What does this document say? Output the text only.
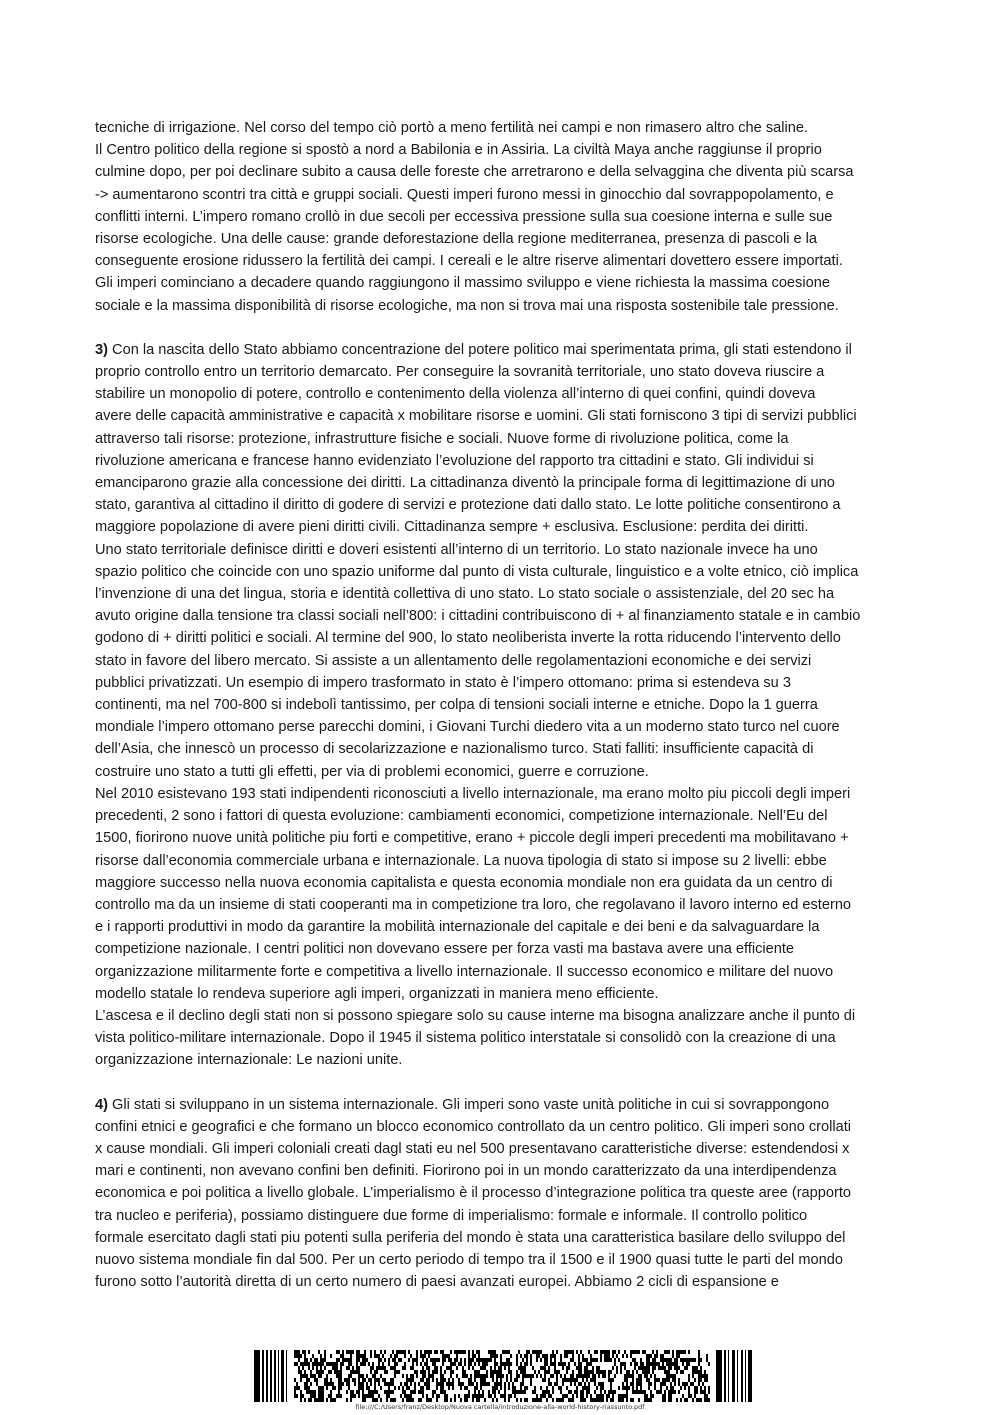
tecniche di irrigazione. Nel corso del tempo ciò portò a meno fertilità nei campi e non rimasero altro che saline.
Il Centro politico della regione si spostò a nord a Babilonia e in Assiria. La civiltà Maya anche raggiunse il proprio
culmine dopo, per poi declinare subito a causa delle foreste che arretrarono e della selvaggina che diventa più scarsa
-> aumentarono scontri tra città e gruppi sociali. Questi imperi furono messi in ginocchio dal sovrappopolamento, e
conflitti interni. L’impero romano crollò in due secoli per eccessiva pressione sulla sua coesione interna e sulle sue
risorse ecologiche. Una delle cause: grande deforestazione della regione mediterranea, presenza di pascoli e la
conseguente erosione ridussero la fertilità dei campi. I cereali e le altre riserve alimentari dovettero essere importati.
Gli imperi cominciano a decadere quando raggiungono il massimo sviluppo e viene richiesta la massima coesione
sociale e la massima disponibilità di risorse ecologiche, ma non si trova mai una risposta sostenibile tale pressione.
3) Con la nascita dello Stato abbiamo concentrazione del potere politico mai sperimentata prima, gli stati estendono il
proprio controllo entro un territorio demarcato. Per conseguire la sovranità territoriale, uno stato doveva riuscire a
stabilire un monopolio di potere, controllo e contenimento della violenza all’interno di quei confini, quindi doveva
avere delle capacità amministrative e capacità x mobilitare risorse e uomini. Gli stati forniscono 3 tipi di servizi pubblici
attraverso tali risorse: protezione, infrastrutture fisiche e sociali. Nuove forme di rivoluzione politica, come la
rivoluzione americana e francese hanno evidenziato l’evoluzione del rapporto tra cittadini e stato. Gli individui si
emanciparono grazie alla concessione dei diritti. La cittadinanza diventò la principale forma di legittimazione di uno
stato, garantiva al cittadino il diritto di godere di servizi e protezione dati dallo stato. Le lotte politiche consentirono a
maggiore popolazione di avere pieni diritti civili. Cittadinanza sempre + esclusiva. Esclusione: perdita dei diritti.
Uno stato territoriale definisce diritti e doveri esistenti all’interno di un territorio. Lo stato nazionale invece ha uno
spazio politico che coincide con uno spazio uniforme dal punto di vista culturale, linguistico e a volte etnico, ciò implica
l’invenzione di una det lingua, storia e identità collettiva di uno stato. Lo stato sociale o assistenziale, del 20 sec ha
avuto origine dalla tensione tra classi sociali nell’800: i cittadini contribuiscono di + al finanziamento statale e in cambio
godono di + diritti politici e sociali. Al termine del 900, lo stato neoliberista inverte la rotta riducendo l’intervento dello
stato in favore del libero mercato. Si assiste a un allentamento delle regolamentazioni economiche e dei servizi
pubblici privatizzati. Un esempio di impero trasformato in stato è l’impero ottomano: prima si estendeva su 3
continenti, ma nel 700-800 si indebolì tantissimo, per colpa di tensioni sociali interne e etniche. Dopo la 1 guerra
mondiale l’impero ottomano perse parecchi domini, i Giovani Turchi diedero vita a un moderno stato turco nel cuore
dell’Asia, che innescò un processo di secolarizzazione e nazionalismo turco. Stati falliti: insufficiente capacità di
costruire uno stato a tutti gli effetti, per via di problemi economici, guerre e corruzione.
Nel 2010 esistevano 193 stati indipendenti riconosciuti a livello internazionale, ma erano molto piu piccoli degli imperi
precedenti, 2 sono i fattori di questa evoluzione: cambiamenti economici, competizione internazionale. Nell’Eu del
1500, fiorirono nuove unità politiche piu forti e competitive, erano + piccole degli imperi precedenti ma mobilitavano +
risorse dall’economia commerciale urbana e internazionale. La nuova tipologia di stato si impose su 2 livelli: ebbe
maggiore successo nella nuova economia capitalista e questa economia mondiale non era guidata da un centro di
controllo ma da un insieme di stati cooperanti ma in competizione tra loro, che regolavano il lavoro interno ed esterno
e i rapporti produttivi in modo da garantire la mobilità internazionale del capitale e dei beni e da salvaguardare la
competizione nazionale. I centri politici non dovevano essere per forza vasti ma bastava avere una efficiente
organizzazione militarmente forte e competitiva a livello internazionale. Il successo economico e militare del nuovo
modello statale lo rendeva superiore agli imperi, organizzati in maniera meno efficiente.
L’ascesa e il declino degli stati non si possono spiegare solo su cause interne ma bisogna analizzare anche il punto di
vista politico-militare internazionale. Dopo il 1945 il sistema politico interstatale si consolidò con la creazione di una
organizzazione internazionale: Le nazioni unite.
4) Gli stati si sviluppano in un sistema internazionale. Gli imperi sono vaste unità politiche in cui si sovrappongono
confini etnici e geografici e che formano un blocco economico controllato da un centro politico. Gli imperi sono crollati
x cause mondiali. Gli imperi coloniali creati dagl stati eu nel 500 presentavano caratteristiche diverse: estendendosi x
mari e continenti, non avevano confini ben definiti. Fiorirono poi in un mondo caratterizzato da una interdipendenza
economica e poi politica a livello globale. L’imperialismo è il processo d’integrazione politica tra queste aree (rapporto
tra nucleo e periferia), possiamo distinguere due forme di imperialismo: formale e informale. Il controllo politico
formale esercitato dagli stati piu potenti sulla periferia del mondo è stata una caratteristica basilare dello sviluppo del
nuovo sistema mondiale fin dal 500. Per un certo periodo di tempo tra il 1500 e il 1900 quasi tutte le parti del mondo
furono sotto l’autorità diretta di un certo numero di paesi avanzati europei. Abbiamo 2 cicli di espansione e
file:///C:/Users/franz/Desktop/Nuova cartella/introduzione-alla-world-history-riassunto.pdf
